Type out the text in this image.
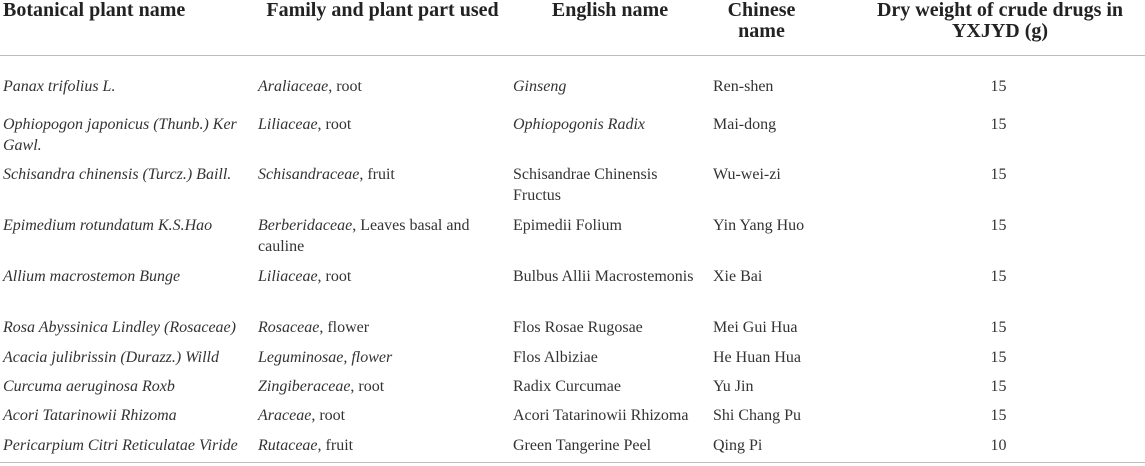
Botanical plant name	Family and plant part used	English name	Chinese name	Dry weight of crude drugs in YXJYD (g)
Panax trifolius L.	Araliaceae, root	Ginseng	Ren-shen	15
Ophiopogon japonicus (Thunb.) Ker Gawl.	Liliaceae, root	Ophiopogonis Radix	Mai-dong	15
Schisandra chinensis (Turcz.) Baill.	Schisandraceae, fruit	Schisandrae Chinensis Fructus	Wu-wei-zi	15
Epimedium rotundatum K.S.Hao	Berberidaceae, Leaves basal and cauline	Epimedii Folium	Yin Yang Huo	15
Allium macrostemon Bunge	Liliaceae, root	Bulbus Allii Macrostemonis	Xie Bai	15
Rosa Abyssinica Lindley (Rosaceae)	Rosaceae, flower	Flos Rosae Rugosae	Mei Gui Hua	15
Acacia julibrissin (Durazz.) Willd	Leguminosae, flower	Flos Albiziae	He Huan Hua	15
Curcuma aeruginosa Roxb	Zingiberaceae, root	Radix Curcumae	Yu Jin	15
Acori Tatarinowii Rhizoma	Araceae, root	Acori Tatarinowii Rhizoma	Shi Chang Pu	15
Pericarpium Citri Reticulatae Viride	Rutaceae, fruit	Green Tangerine Peel	Qing Pi	10
